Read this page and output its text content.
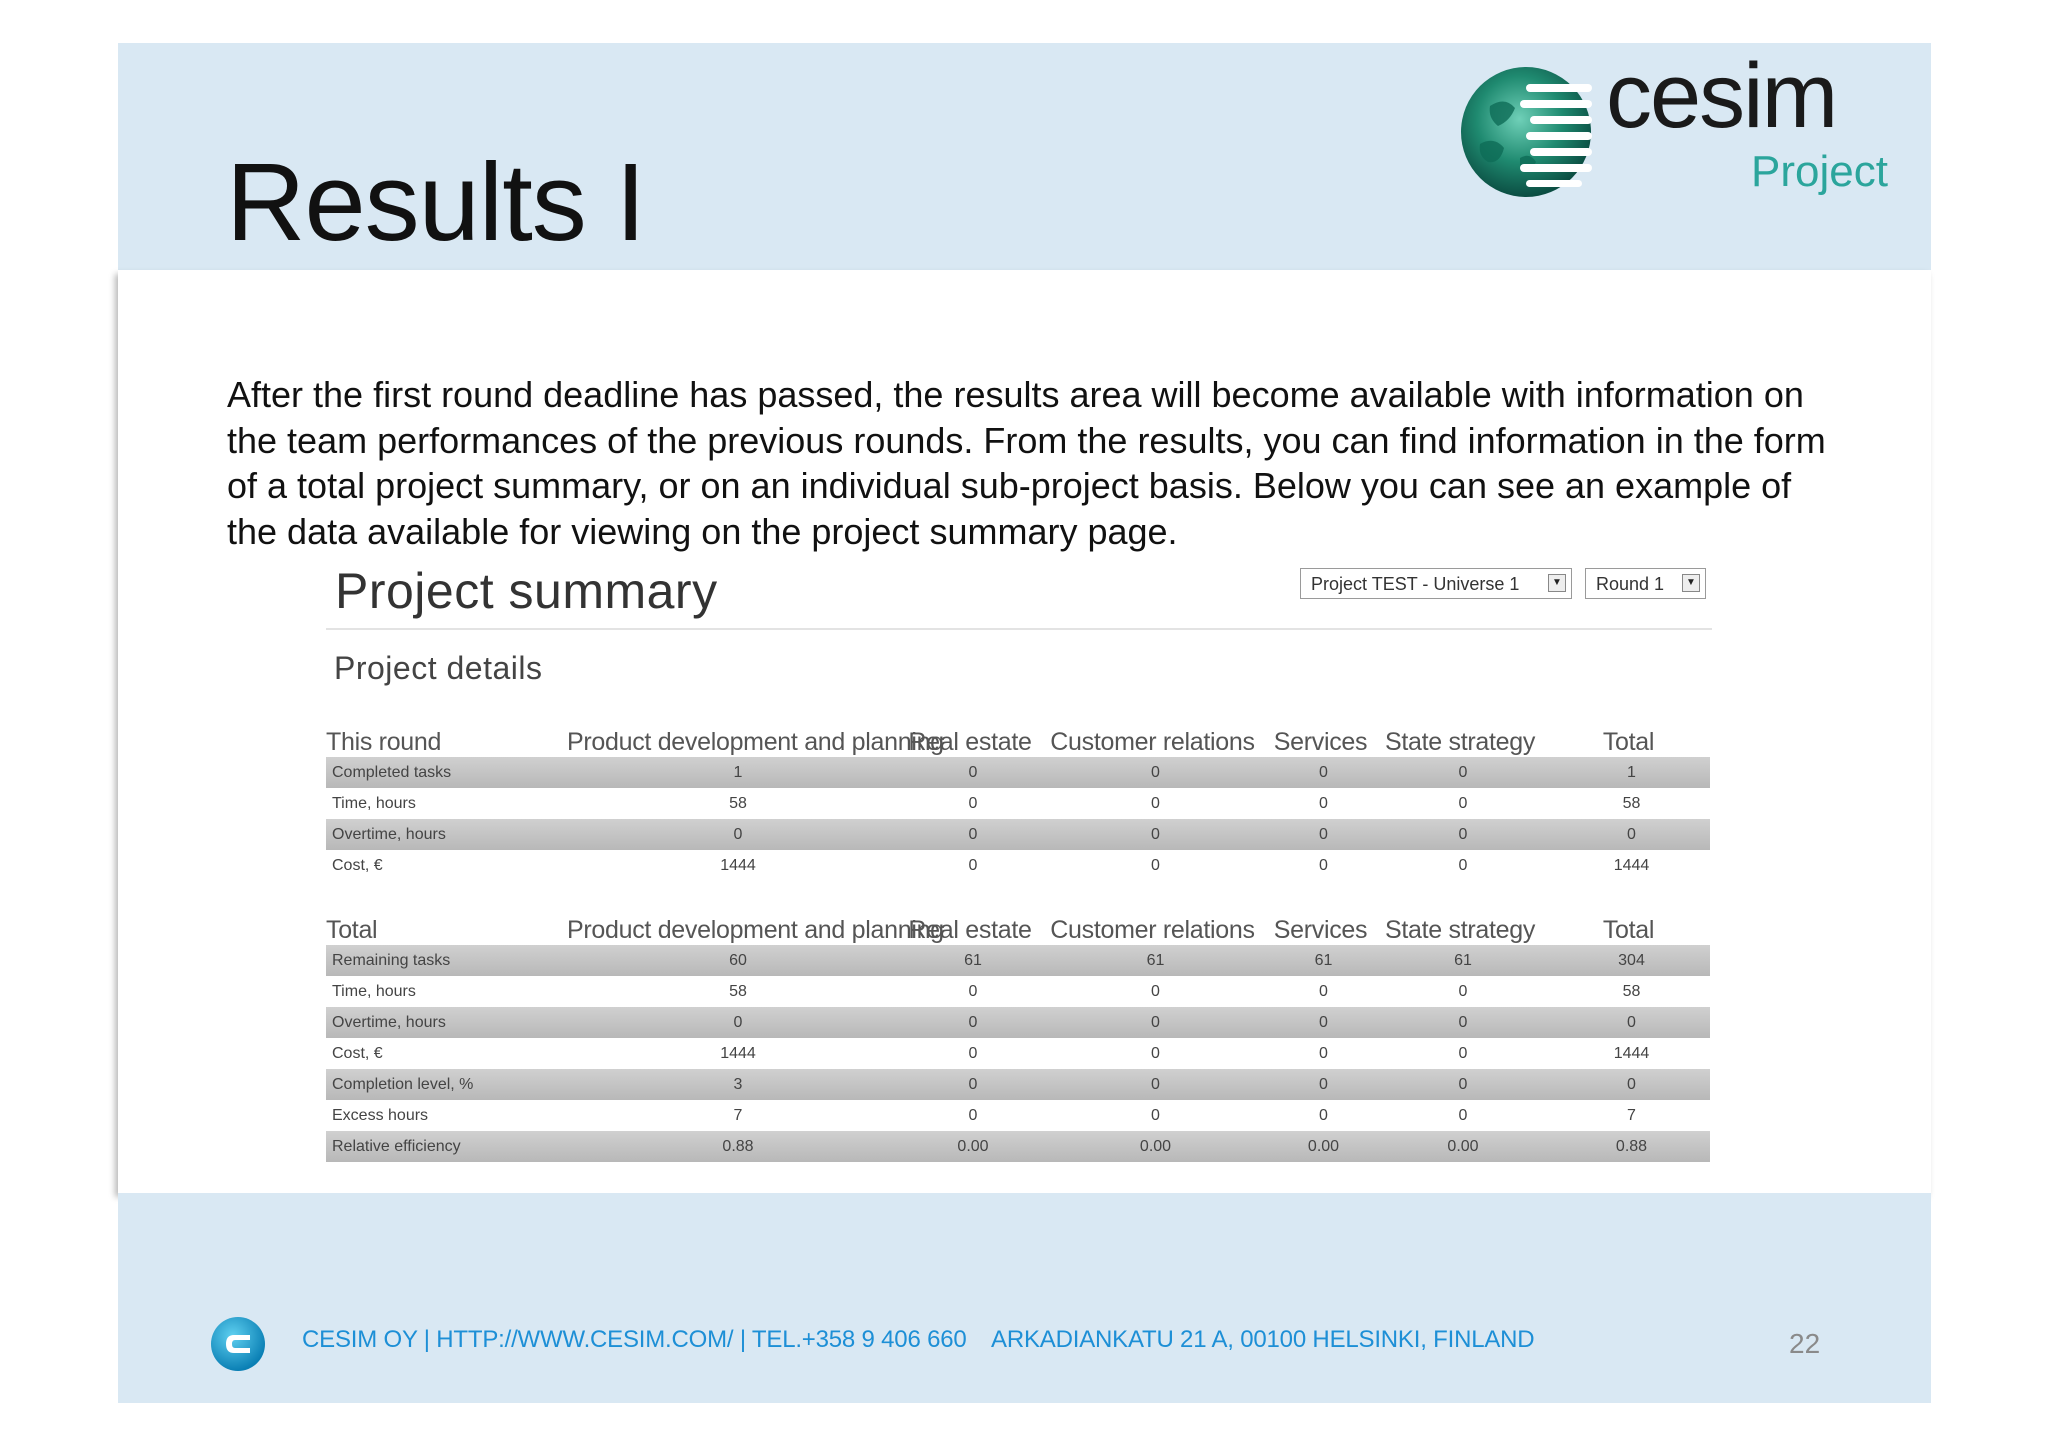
Results I
cesim
Project

After the first round deadline has passed, the results area will become available with information on the team performances of the previous rounds. From the results, you can find information in the form of a total project summary, or on an individual sub-project basis. Below you can see an example of the data available for viewing on the project summary page.

Project summary	Project TEST - Universe 1	▼	Round 1	▼
Project details
This round	Product development and planning	Real estate	Customer relations	Services	State strategy	Total
Completed tasks	1	0	0	0	0	1
Time, hours	58	0	0	0	0	58
Overtime, hours	0	0	0	0	0	0
Cost, €	1444	0	0	0	0	1444
Total	Product development and planning	Real estate	Customer relations	Services	State strategy	Total
Remaining tasks	60	61	61	61	61	304
Time, hours	58	0	0	0	0	58
Overtime, hours	0	0	0	0	0	0
Cost, €	1444	0	0	0	0	1444
Completion level, %	3	0	0	0	0	0
Excess hours	7	0	0	0	0	7
Relative efficiency	0.88	0.00	0.00	0.00	0.00	0.88
CESIM OY | HTTP://WWW.CESIM.COM/ | TEL.+358 9 406 660    ARKADIANKATU 21 A, 00100 HELSINKI, FINLAND	22
